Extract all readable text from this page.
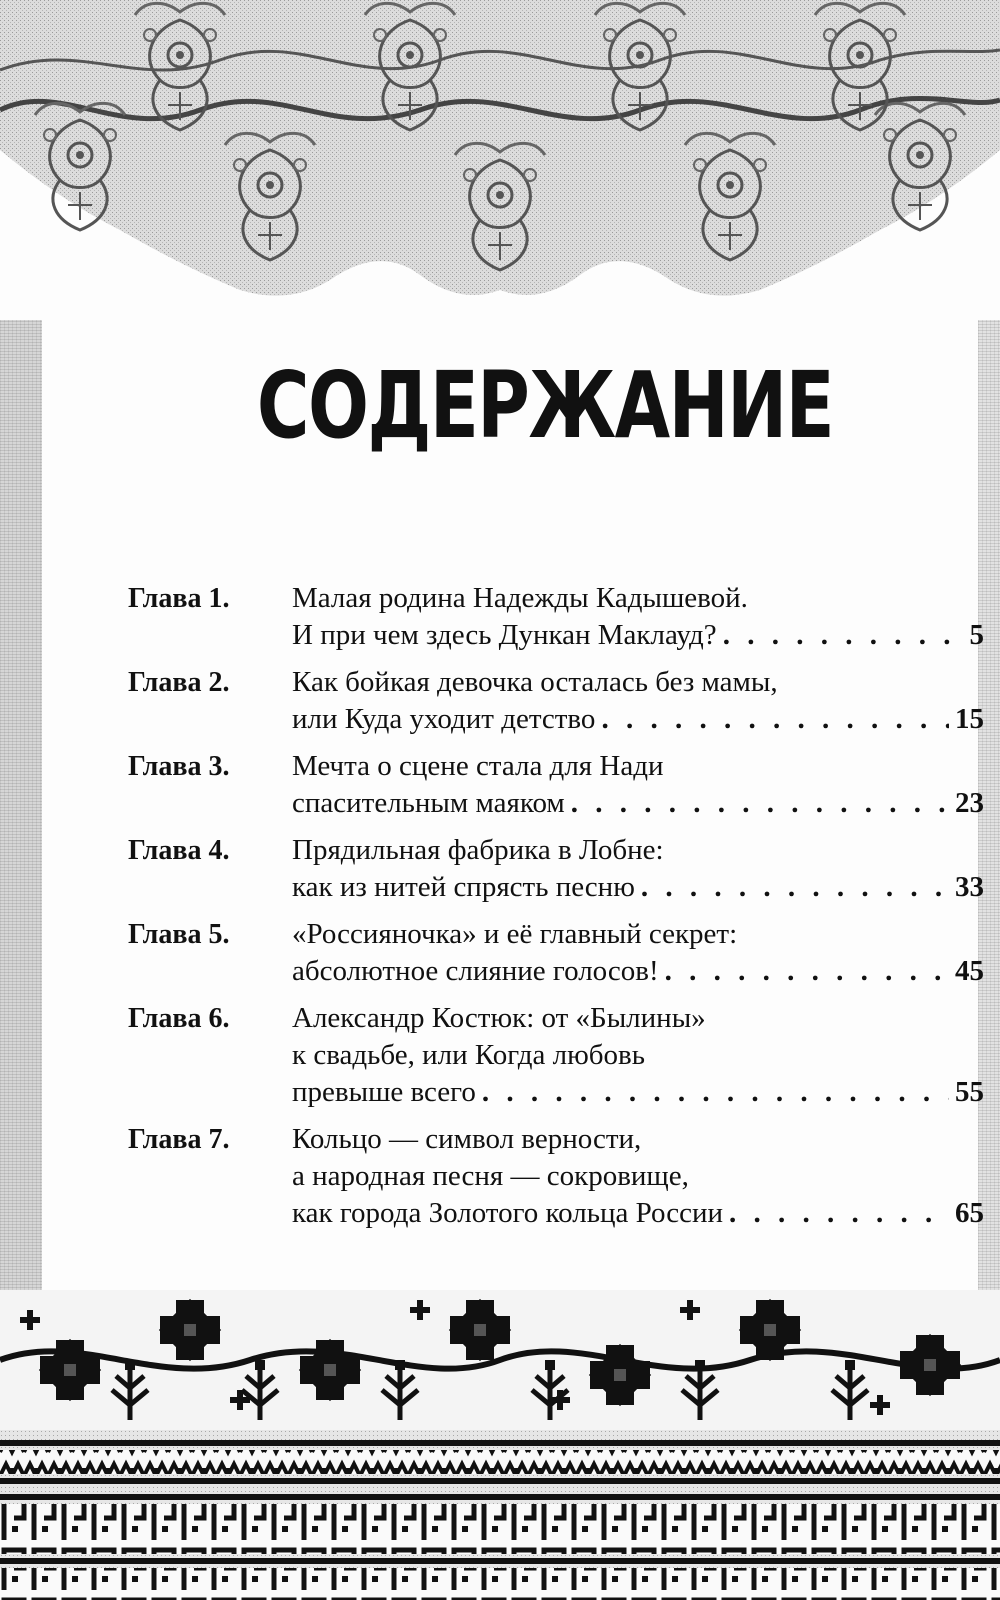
СОДЕРЖАНИЕ
Глава 1. Малая родина Надежды Кадышевой.
И при чем здесь Дункан Маклауд? . . .	5
Глава 2. Как бойкая девочка осталась без мамы,
или Куда уходит детство . . .	15
Глава 3. Мечта о сцене стала для Нади
спасительным маяком . . .	23
Глава 4. Прядильная фабрика в Лобне:
как из нитей спрясть песню . . .	33
Глава 5. «Россияночка» и её главный секрет:
абсолютное слияние голосов! . . .	45
Глава 6. Александр Костюк: от «Былины»
к свадьбе, или Когда любовь
превыше всего . . .	55
Глава 7. Кольцо — символ верности,
а народная песня — сокровище,
как города Золотого кольца России . . .	65
